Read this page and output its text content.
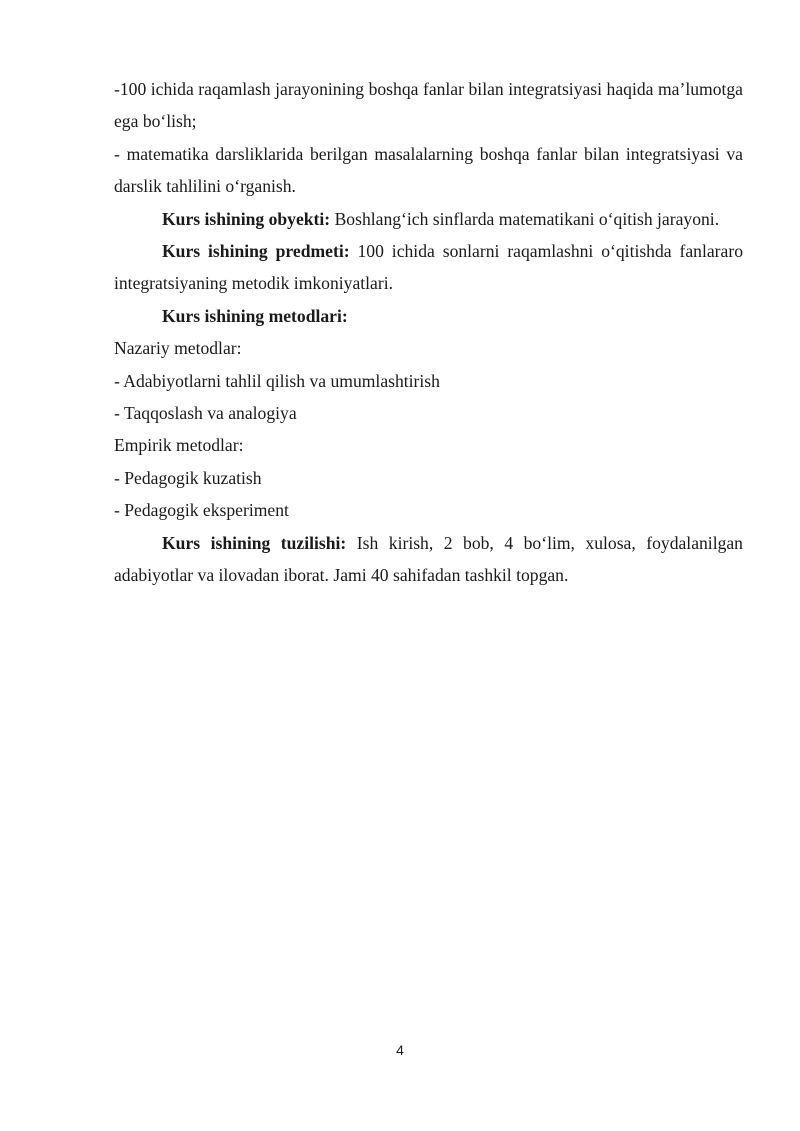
-100 ichida raqamlash jarayonining boshqa fanlar bilan integratsiyasi haqida ma’lumotga ega bo‘lish;

- matematika darsliklarida berilgan masalalarning boshqa fanlar bilan integratsiyasi va darslik tahlilini o‘rganish.

Kurs ishining obyekti: Boshlang‘ich sinflarda matematikani o‘qitish jarayoni.

Kurs ishining predmeti: 100 ichida sonlarni raqamlashni o‘qitishda fanlararo integratsiyaning metodik imkoniyatlari.

Kurs ishining metodlari:

Nazariy metodlar:

- Adabiyotlarni tahlil qilish va umumlashtirish

- Taqqoslash va analogiya

Empirik metodlar:

- Pedagogik kuzatish

- Pedagogik eksperiment

Kurs ishining tuzilishi: Ish kirish, 2 bob, 4 bo‘lim, xulosa, foydalanilgan adabiyotlar va ilovadan iborat. Jami 40 sahifadan tashkil topgan.

4
